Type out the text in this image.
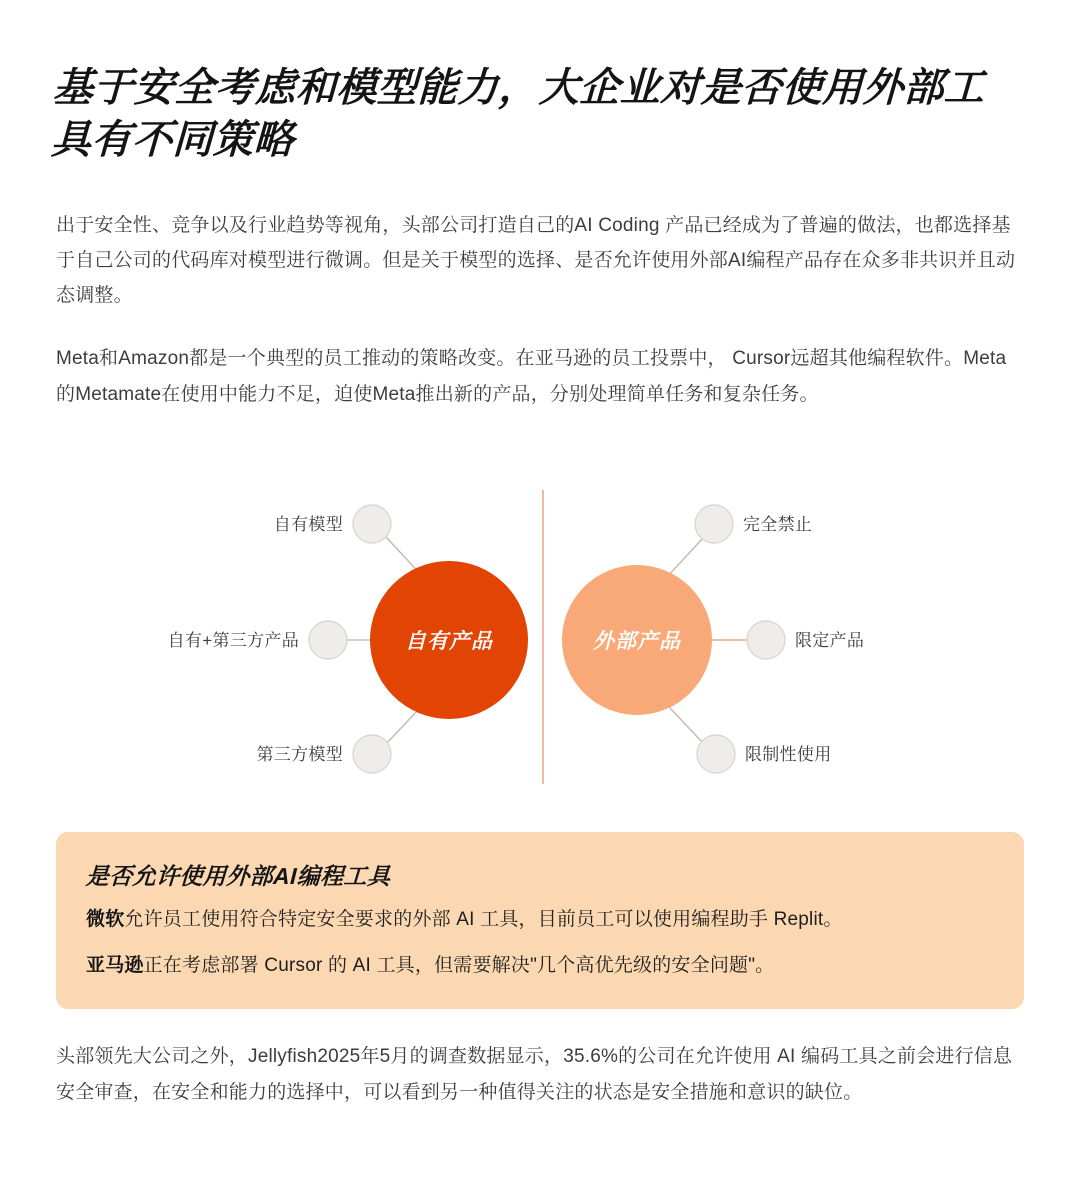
基于安全考虑和模型能力，大企业对是否使用外部工具有不同策略

出于安全性、竞争以及行业趋势等视角，头部公司打造自己的AI Coding 产品已经成为了普遍的做法，也都选择基于自己公司的代码库对模型进行微调。但是关于模型的选择、是否允许使用外部AI编程产品存在众多非共识并且动态调整。

Meta和Amazon都是一个典型的员工推动的策略改变。在亚马逊的员工投票中， Cursor远超其他编程软件。Meta的Metamate在使用中能力不足，迫使Meta推出新的产品，分别处理简单任务和复杂任务。

自有产品	外部产品
自有模型
自有+第三方产品
第三方模型
完全禁止
限定产品
限制性使用
是否允许使用外部AI编程工具

微软允许员工使用符合特定安全要求的外部 AI 工具，目前员工可以使用编程助手 Replit。

亚马逊正在考虑部署 Cursor 的 AI 工具，但需要解决"几个高优先级的安全问题"。

头部领先大公司之外，Jellyfish2025年5月的调查数据显示，35.6%的公司在允许使用 AI 编码工具之前会进行信息安全审查，在安全和能力的选择中，可以看到另一种值得关注的状态是安全措施和意识的缺位。
